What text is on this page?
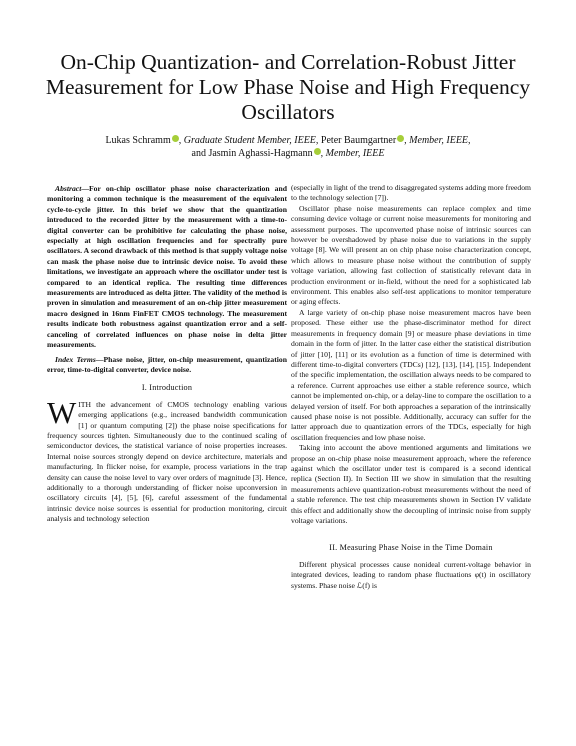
On-Chip Quantization- and Correlation-Robust Jitter Measurement for Low Phase Noise and High Frequency Oscillators
Lukas Schramm , Graduate Student Member, IEEE, Peter Baumgartner , Member, IEEE,
and Jasmin Aghassi-Hagmann , Member, IEEE

Abstract—For on-chip oscillator phase noise characterization and monitoring a common technique is the measurement of the equivalent cycle-to-cycle jitter. In this brief we show that the quantization introduced to the recorded jitter by the measurement with a time-to-digital converter can be prohibitive for calculating the phase noise, especially at high oscillation frequencies and for spectrally pure oscillators. A second drawback of this method is that supply voltage noise can mask the phase noise due to intrinsic device noise. To avoid these limitations, we investigate an approach where the oscillator under test is compared to an identical replica. The resulting time differences measurements are introduced as delta jitter. The validity of the method is proven in simulation and measurement of an on-chip jitter measurement macro designed in 16nm FinFET CMOS technology. The measurement results indicate both robustness against quantization error and a self-canceling of correlated influences on phase noise in delta jitter measurements.

Index Terms—Phase noise, jitter, on-chip measurement, quantization error, time-to-digital converter, device noise.

I. Introduction

WITH the advancement of CMOS technology enabling various emerging applications (e.g., increased bandwidth communication [1] or quantum computing [2]) the phase noise specifications for frequency sources tighten. Simultaneously due to the continued scaling of semiconductor devices, the statistical variance of noise properties increases. Internal noise sources strongly depend on device architecture, materials and manufacturing. In flicker noise, for example, process variations in the trap density can cause the noise level to vary over orders of magnitude [3]. Hence, additionally to a thorough understanding of flicker noise upconversion in oscillatory circuits [4], [5], [6], careful assessment of the fundamental intrinsic device noise sources is essential for production monitoring, circuit analysis and technology selection

(especially in light of the trend to disaggregated systems adding more freedom to the technology selection [7]).

Oscillator phase noise measurements can replace complex and time consuming device voltage or current noise measurements for monitoring and assessment purposes. The upconverted phase noise of intrinsic sources can however be overshadowed by phase noise due to variations in the supply voltage [8]. We will present an on chip phase noise characterization concept, which allows to measure phase noise without the contribution of supply voltage variation, allowing fast collection of statistically relevant data in production environment or in-field, without the need for a sophisticated lab environment. This enables also self-test applications to monitor temperature or aging effects.

A large variety of on-chip phase noise measurement macros have been proposed. These either use the phase-discriminator method for direct measurements in frequency domain [9] or measure phase deviations in time domain in the form of jitter. In the latter case either the statistical distribution of jitter [10], [11] or its evolution as a function of time is determined with different time-to-digital converters (TDCs) [12], [13], [14], [15]. Independent of the specific implementation, the oscillation always needs to be compared to a reference. Current approaches use either a stable reference source, which cannot be implemented on-chip, or a delay-line to compare the oscillation to a delayed version of itself. For both approaches a separation of the intrinsically caused phase noise is not possible. Additionally, accuracy can suffer for the latter approach due to quantization errors of the TDCs, especially for high oscillation frequencies and low phase noise.

Taking into account the above mentioned arguments and limitations we propose an on-chip phase noise measurement approach, where the reference against which the oscillator under test is compared is a second identical replica (Section II). In Section III we show in simulation that the resulting measurements achieve quantization-robust measurements without the need of a stable reference. The test chip measurements shown in Section IV validate this effect and additionally show the decoupling of intrinsic noise from supply voltage variations.

II. Measuring Phase Noise in the Time Domain

Different physical processes cause nonideal current-voltage behavior in integrated devices, leading to random phase fluctuations φ(t) in oscillatory systems. Phase noise ℒ(f) is
